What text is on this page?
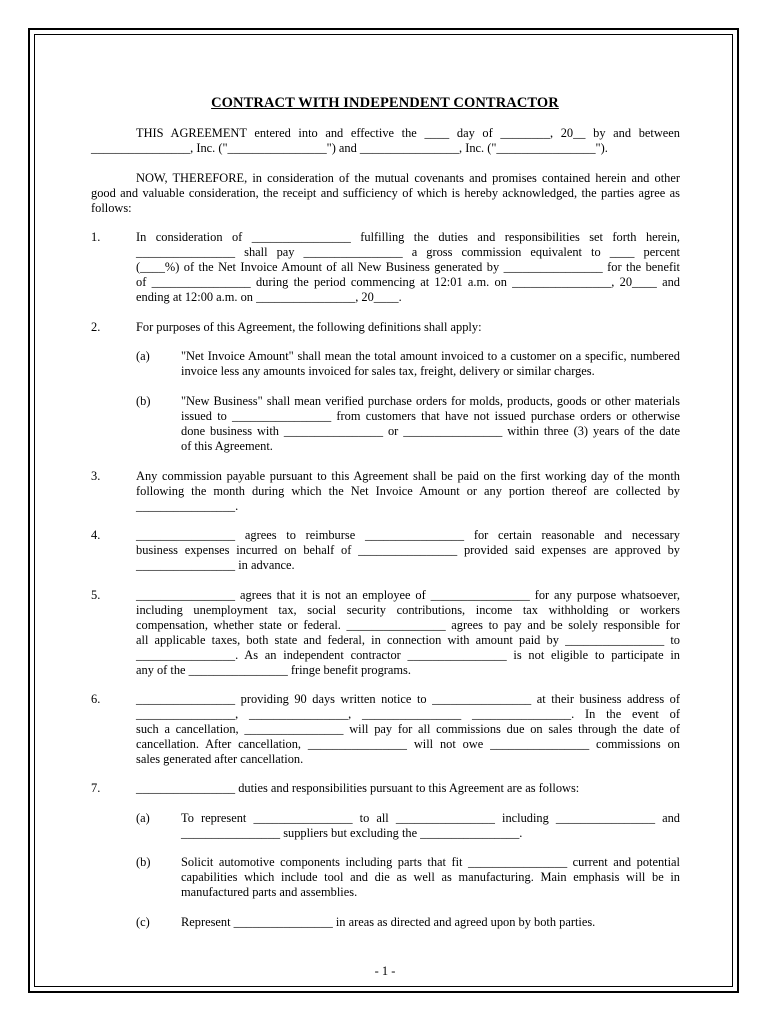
CONTRACT WITH INDEPENDENT CONTRACTOR
THIS AGREEMENT entered into and effective the ____ day of ________, 20__ by and between
________________, Inc. ("________________") and ________________, Inc. ("________________").
NOW, THEREFORE, in consideration of the mutual covenants and promises contained herein and other
good and valuable consideration, the receipt and sufficiency of which is hereby acknowledged, the parties agree as
follows:
1.	In consideration of ________________ fulfilling the duties and responsibilities set forth herein,
________________ shall pay ________________ a gross commission equivalent to ____ percent
(____%) of the Net Invoice Amount of all New Business generated by ________________ for the benefit
of ________________ during the period commencing at 12:01 a.m. on ________________, 20____ and
ending at 12:00 a.m. on ________________, 20____.
2.	For purposes of this Agreement, the following definitions shall apply:
(a)	"Net Invoice Amount" shall mean the total amount invoiced to a customer on a specific, numbered
invoice less any amounts invoiced for sales tax, freight, delivery or similar charges.
(b) "New Business" shall mean verified purchase orders for molds, products, goods or other materials
issued to ________________ from customers that have not issued purchase orders or otherwise
done business with ________________ or ________________ within three (3) years of the date
of this Agreement.
3.	Any commission payable pursuant to this Agreement shall be paid on the first working day of the month
following the month during which the Net Invoice Amount or any portion thereof are collected by
________________.
4.	________________ agrees to reimburse ________________ for certain reasonable and necessary
business expenses incurred on behalf of ________________ provided said expenses are approved by
________________ in advance.
5.	________________ agrees that it is not an employee of ________________ for any purpose whatsoever,
including unemployment tax, social security contributions, income tax withholding or workers
compensation, whether state or federal. ________________ agrees to pay and be solely responsible for
all applicable taxes, both state and federal, in connection with amount paid by ________________ to
________________. As an independent contractor ________________ is not eligible to participate in
any of the ________________ fringe benefit programs.
6.	________________ providing 90 days written notice to ________________ at their business address of
________________, ________________, ________________ ________________. In the event of
such a cancellation, ________________ will pay for all commissions due on sales through the date of
cancellation. After cancellation, ________________ will not owe ________________ commissions on
sales generated after cancellation.
7.	________________ duties and responsibilities pursuant to this Agreement are as follows:
(a)	To represent ________________ to all ________________ including ________________ and
________________ suppliers but excluding the ________________.
(b) Solicit automotive components including parts that fit ________________ current and potential
capabilities which include tool and die as well as manufacturing. Main emphasis will be in
manufactured parts and assemblies.
(c)	Represent ________________ in areas as directed and agreed upon by both parties.
- 1 -
